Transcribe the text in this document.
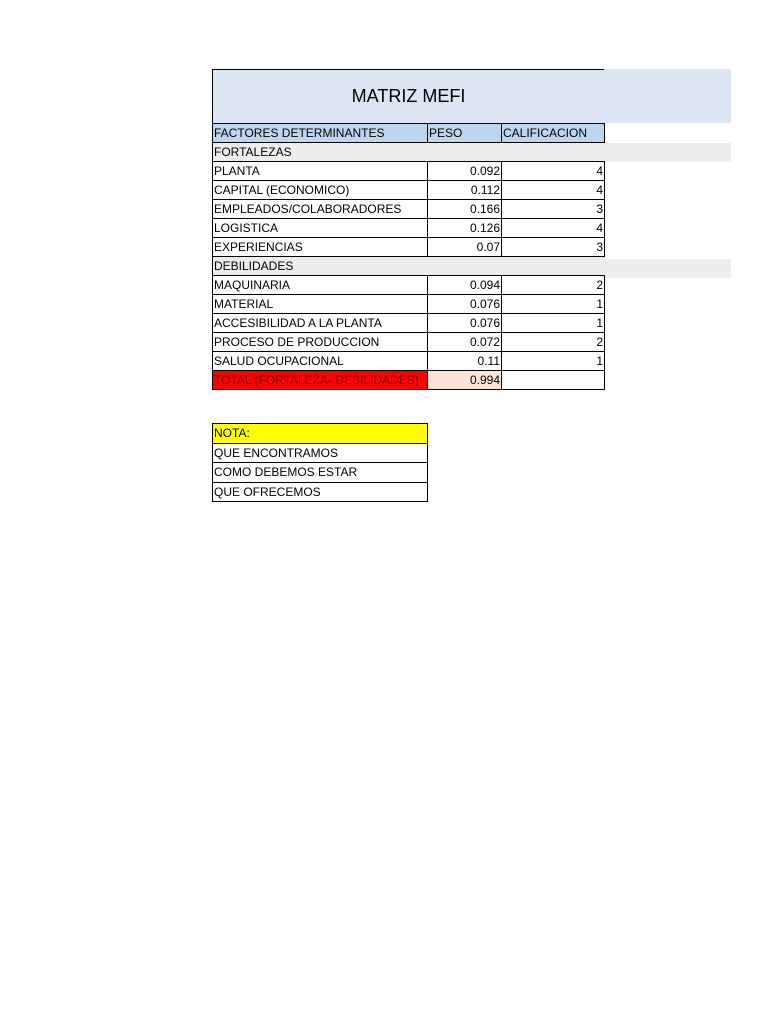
MATRIZ MEFI
FACTORES DETERMINANTES	PESO	CALIFICACION
FORTALEZAS		
PLANTA	0.092	4
CAPITAL (ECONOMICO)	0.112	4
EMPLEADOS/COLABORADORES	0.166	3
LOGISTICA	0.126	4
EXPERIENCIAS	0.07	3
DEBILIDADES		
MAQUINARIA	0.094	2
MATERIAL	0.076	1
ACCESIBILIDAD A LA PLANTA	0.076	1
PROCESO DE PRODUCCION	0.072	2
SALUD OCUPACIONAL	0.11	1
TOTAL (FORTALEZA- DEBILIDADES)	0.994	
NOTA:
QUE ENCONTRAMOS
COMO DEBEMOS ESTAR
QUE OFRECEMOS
